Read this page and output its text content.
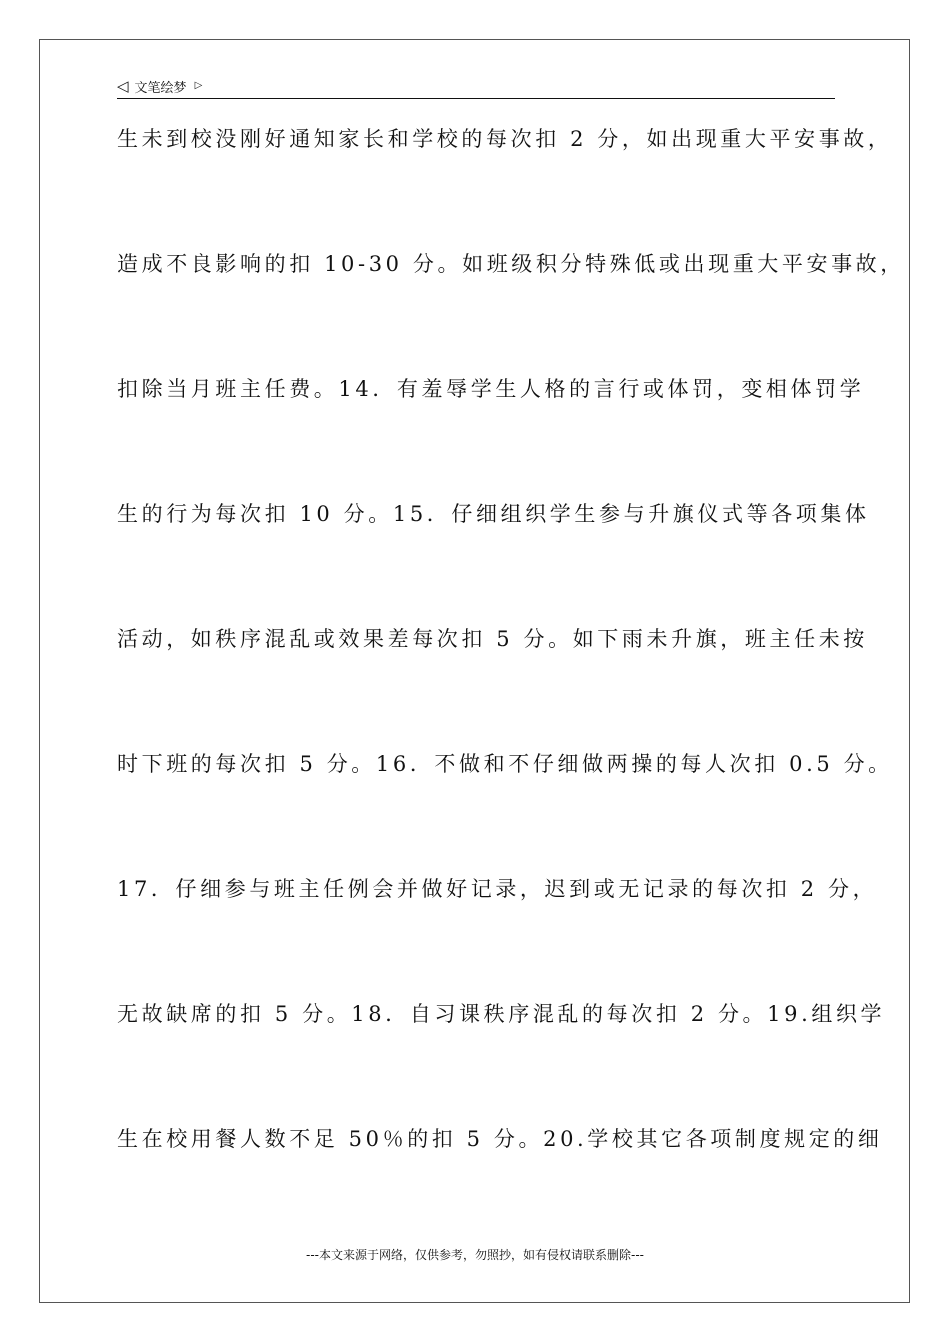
◁ 文笔绘梦 ▷
生未到校没刚好通知家长和学校的每次扣 2 分，如出现重大平安事故，
造成不良影响的扣 10-30 分。如班级积分特殊低或出现重大平安事故，
扣除当月班主任费。14．有羞辱学生人格的言行或体罚，变相体罚学
生的行为每次扣 10 分。15．仔细组织学生参与升旗仪式等各项集体
活动，如秩序混乱或效果差每次扣 5 分。如下雨未升旗，班主任未按
时下班的每次扣 5 分。16．不做和不仔细做两操的每人次扣 0.5 分。
17．仔细参与班主任例会并做好记录，迟到或无记录的每次扣 2 分，
无故缺席的扣 5 分。18．自习课秩序混乱的每次扣 2 分。19.组织学
生在校用餐人数不足 50％的扣 5 分。20.学校其它各项制度规定的细
---本文来源于网络，仅供参考，勿照抄，如有侵权请联系删除---
